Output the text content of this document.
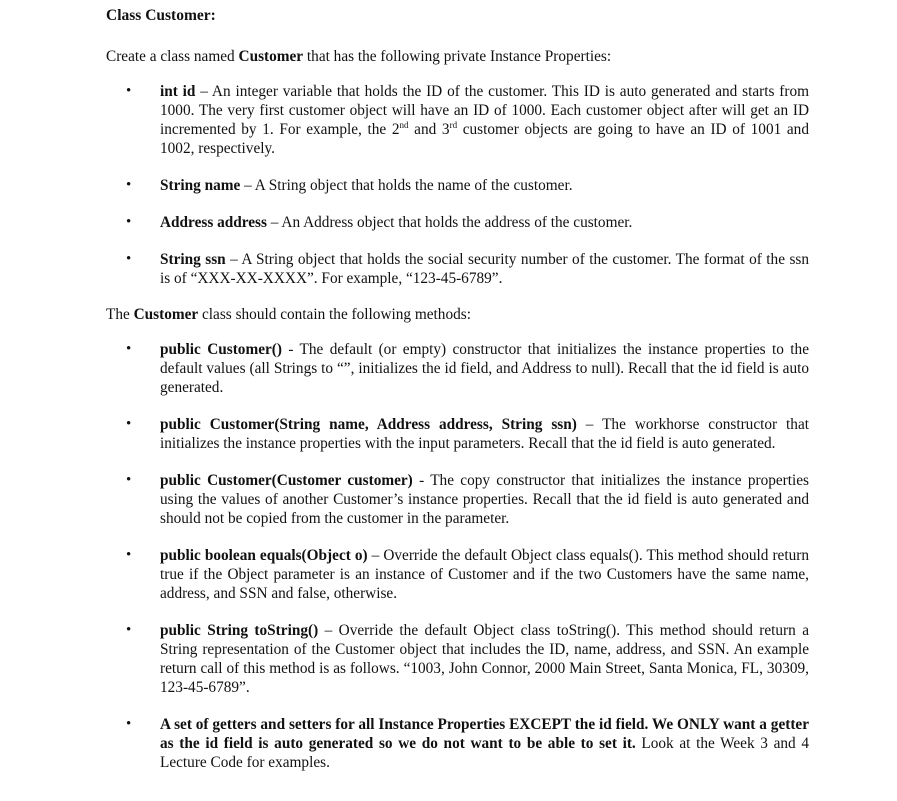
Class Customer:
Create a class named Customer that has the following private Instance Properties:
• int id – An integer variable that holds the ID of the customer. This ID is auto generated and starts from 1000. The very first customer object will have an ID of 1000. Each customer object after will get an ID incremented by 1. For example, the 2nd and 3rd customer objects are going to have an ID of 1001 and 1002, respectively.
• String name – A String object that holds the name of the customer.
• Address address – An Address object that holds the address of the customer.
• String ssn – A String object that holds the social security number of the customer. The format of the ssn is of “XXX-XX-XXXX”. For example, “123-45-6789”.
The Customer class should contain the following methods:
• public Customer() - The default (or empty) constructor that initializes the instance properties to the default values (all Strings to “”, initializes the id field, and Address to null). Recall that the id field is auto generated.
• public Customer(String name, Address address, String ssn) – The workhorse constructor that initializes the instance properties with the input parameters. Recall that the id field is auto generated.
• public Customer(Customer customer) - The copy constructor that initializes the instance properties using the values of another Customer’s instance properties. Recall that the id field is auto generated and should not be copied from the customer in the parameter.
• public boolean equals(Object o) – Override the default Object class equals(). This method should return true if the Object parameter is an instance of Customer and if the two Customers have the same name, address, and SSN and false, otherwise.
• public String toString() – Override the default Object class toString(). This method should return a String representation of the Customer object that includes the ID, name, address, and SSN. An example return call of this method is as follows. “1003, John Connor, 2000 Main Street, Santa Monica, FL, 30309, 123-45-6789”.
• A set of getters and setters for all Instance Properties EXCEPT the id field. We ONLY want a getter as the id field is auto generated so we do not want to be able to set it. Look at the Week 3 and 4 Lecture Code for examples.
